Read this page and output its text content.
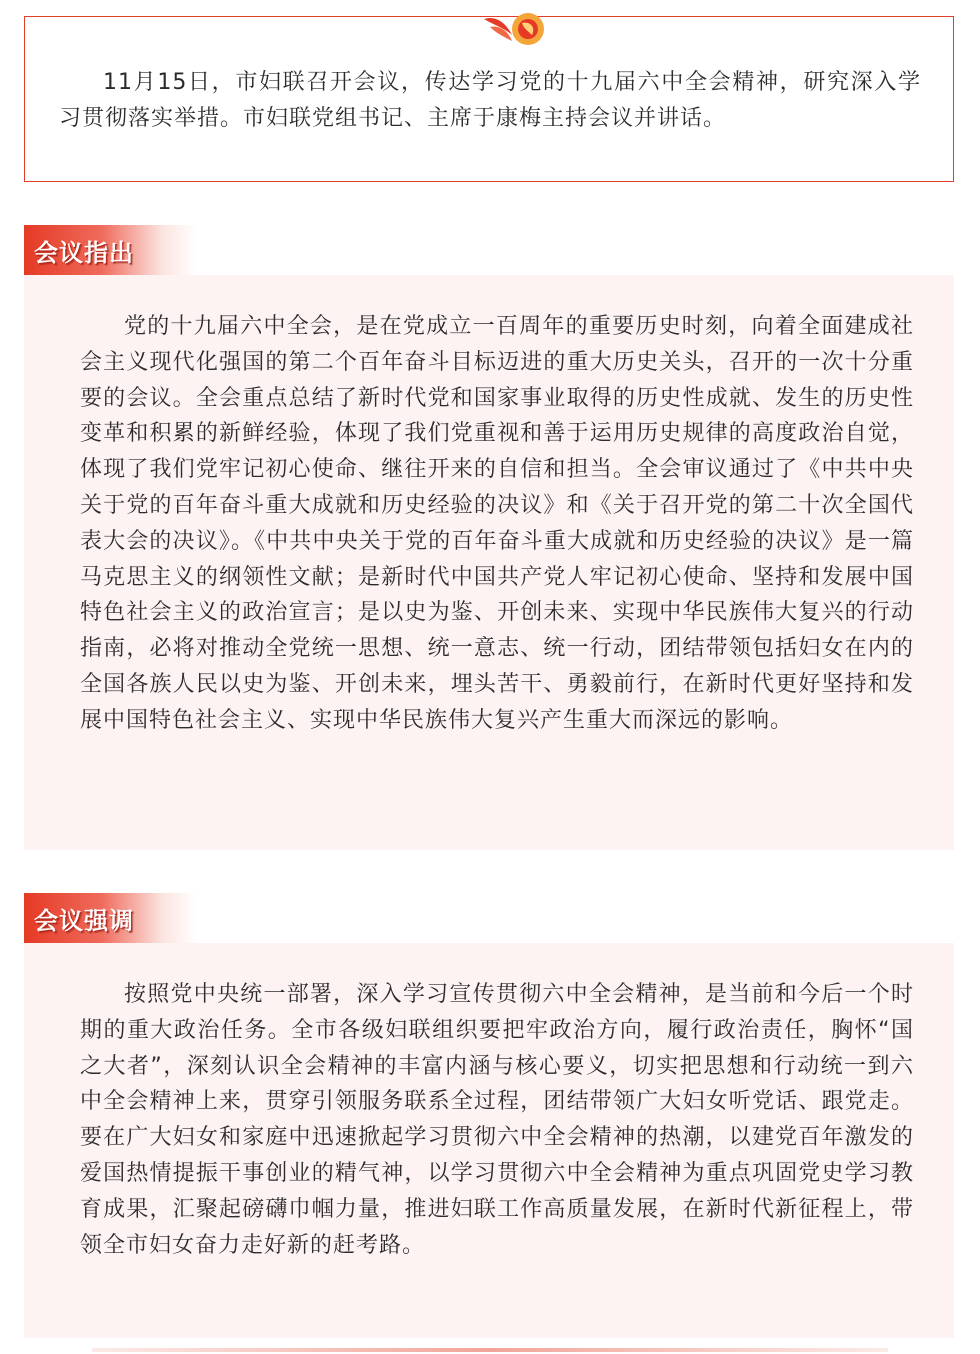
11月15日，市妇联召开会议，传达学习党的十九届六中全会精神，研究深入学习贯彻落实举措。市妇联党组书记、主席于康梅主持会议并讲话。

会议指出

党的十九届六中全会，是在党成立一百周年的重要历史时刻，向着全面建成社会主义现代化强国的第二个百年奋斗目标迈进的重大历史关头，召开的一次十分重要的会议。全会重点总结了新时代党和国家事业取得的历史性成就、发生的历史性变革和积累的新鲜经验，体现了我们党重视和善于运用历史规律的高度政治自觉，体现了我们党牢记初心使命、继往开来的自信和担当。全会审议通过了《中共中央关于党的百年奋斗重大成就和历史经验的决议》和《关于召开党的第二十次全国代表大会的决议》。《中共中央关于党的百年奋斗重大成就和历史经验的决议》是一篇马克思主义的纲领性文献；是新时代中国共产党人牢记初心使命、坚持和发展中国特色社会主义的政治宣言；是以史为鉴、开创未来、实现中华民族伟大复兴的行动指南，必将对推动全党统一思想、统一意志、统一行动，团结带领包括妇女在内的全国各族人民以史为鉴、开创未来，埋头苦干、勇毅前行，在新时代更好坚持和发展中国特色社会主义、实现中华民族伟大复兴产生重大而深远的影响。

会议强调

按照党中央统一部署，深入学习宣传贯彻六中全会精神，是当前和今后一个时期的重大政治任务。全市各级妇联组织要把牢政治方向，履行政治责任，胸怀“国之大者”，深刻认识全会精神的丰富内涵与核心要义，切实把思想和行动统一到六中全会精神上来，贯穿引领服务联系全过程，团结带领广大妇女听党话、跟党走。要在广大妇女和家庭中迅速掀起学习贯彻六中全会精神的热潮，以建党百年激发的爱国热情提振干事创业的精气神，以学习贯彻六中全会精神为重点巩固党史学习教育成果，汇聚起磅礴巾帼力量，推进妇联工作高质量发展，在新时代新征程上，带领全市妇女奋力走好新的赶考路。
